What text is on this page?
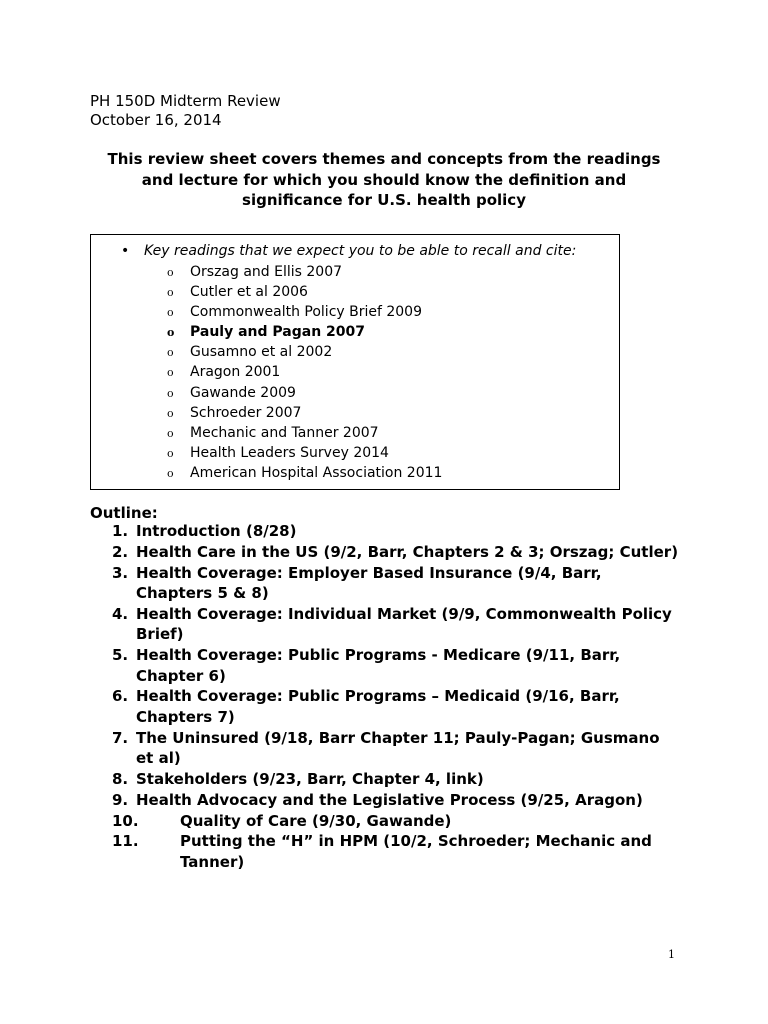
PH 150D Midterm Review
October 16, 2014
This review sheet covers themes and concepts from the readings and lecture for which you should know the definition and significance for U.S. health policy
• Key readings that we expect you to be able to recall and cite:
o Orszag and Ellis 2007
o Cutler et al 2006
o Commonwealth Policy Brief 2009
o Pauly and Pagan 2007
o Gusamno et al 2002
o Aragon 2001
o Gawande 2009
o Schroeder 2007
o Mechanic and Tanner 2007
o Health Leaders Survey 2014
o American Hospital Association 2011
Outline:
1. Introduction (8/28)
2. Health Care in the US (9/2, Barr, Chapters 2 & 3; Orszag; Cutler)
3. Health Coverage: Employer Based Insurance (9/4, Barr, Chapters 5 & 8)
4. Health Coverage: Individual Market (9/9, Commonwealth Policy Brief)
5. Health Coverage: Public Programs - Medicare (9/11, Barr, Chapter 6)
6. Health Coverage: Public Programs – Medicaid (9/16, Barr, Chapters 7)
7. The Uninsured (9/18, Barr Chapter 11; Pauly-Pagan; Gusmano et al)
8. Stakeholders (9/23, Barr, Chapter 4, link)
9. Health Advocacy and the Legislative Process (9/25, Aragon)
10.	Quality of Care (9/30, Gawande)
11.	Putting the “H” in HPM (10/2, Schroeder; Mechanic and Tanner)
1
